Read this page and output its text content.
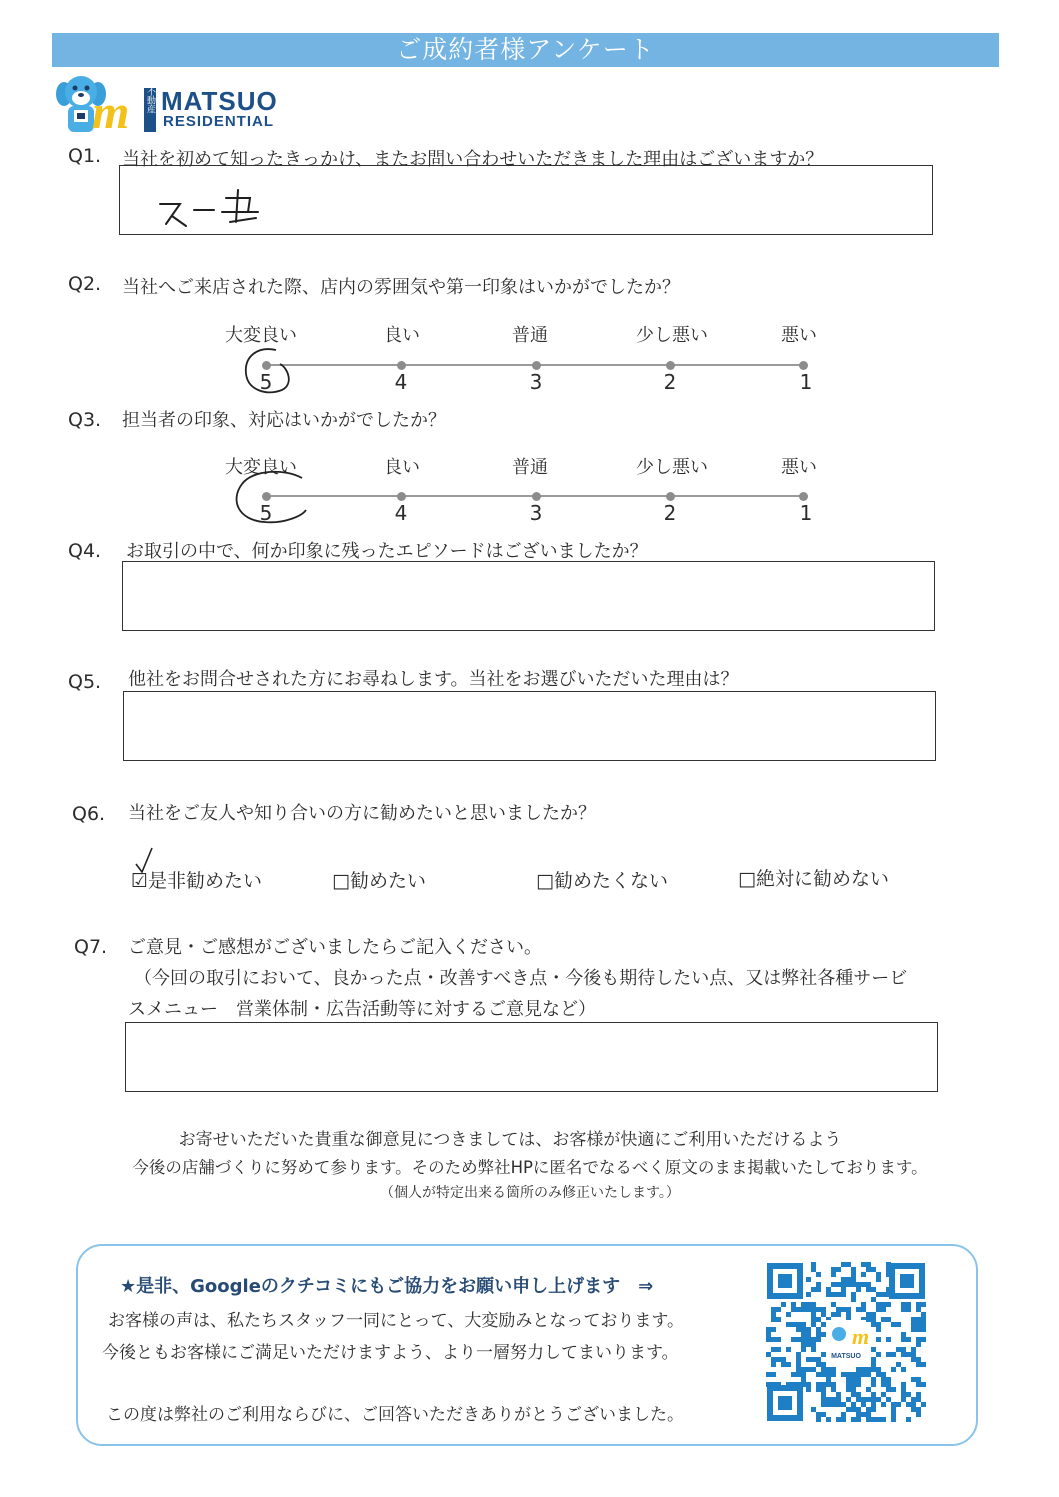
ご成約者様アンケート
m 不動産 MATSUO
RESIDENTIAL
Q1. 当社を初めて知ったきっかけ、またお問い合わせいただきました理由はございますか？
Q2. 当社へご来店された際、店内の雰囲気や第一印象はいかがでしたか？
大変良い	良い	普通	少し悪い	悪い
5	4	3	2	1
Q3. 担当者の印象、対応はいかがでしたか？
大変良い	良い	普通	少し悪い	悪い
5	4	3	2	1
Q4. お取引の中で、何か印象に残ったエピソードはございましたか？
Q5. 他社をお問合せされた方にお尋ねします。当社をお選びいただいた理由は？
Q6. 当社をご友人や知り合いの方に勧めたいと思いましたか？
☑是非勧めたい	□勧めたい	□勧めたくない	□絶対に勧めない
Q7. ご意見・ご感想がございましたらご記入ください。
（今回の取引において、良かった点・改善すべき点・今後も期待したい点、又は弊社各種サービ
スメニュー　営業体制・広告活動等に対するご意見など）
お寄せいただいた貴重な御意見につきましては、お客様が快適にご利用いただけるよう
今後の店舗づくりに努めて参ります。そのため弊社HPに匿名でなるべく原文のまま掲載いたしております。
（個人が特定出来る箇所のみ修正いたします。）
★是非、Googleのクチコミにもご協力をお願い申し上げます　⇒
お客様の声は、私たちスタッフ一同にとって、大変励みとなっております。
今後ともお客様にご満足いただけますよう、より一層努力してまいります。
この度は弊社のご利用ならびに、ご回答いただきありがとうございました。
m
MATSUO
